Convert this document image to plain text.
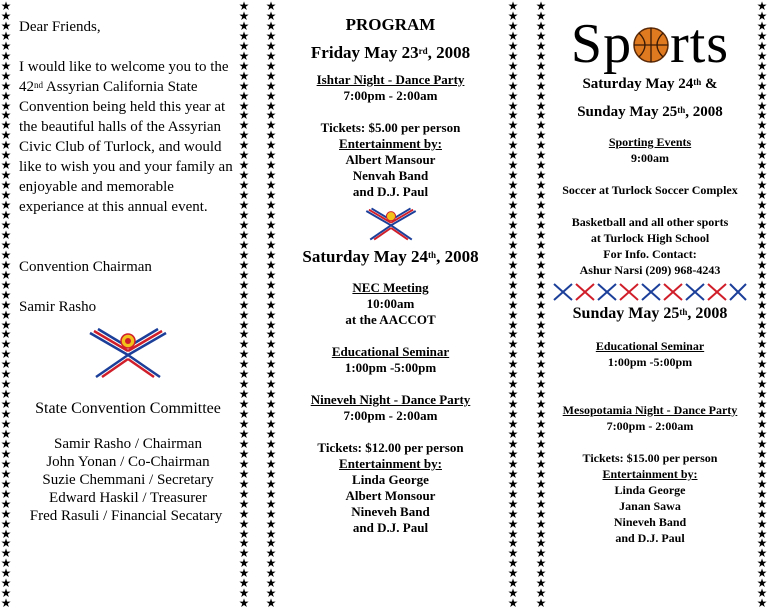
★
★
★
★
★
★
★
★
★
★
★
★
★
★
★
★
★
★
★
★
★
★
★
★
★
★
★
★
★
★
★
★
★
★
★
★
★
★
★
★
★
★
★
★
★
★
★
★
★
★
★
★
★
★
★
★
★
★
★
★
★
★
★
★
★
★
★
★
★
★
★
★
★
★
★
★
★
★
★
★
★
★
★
★
★
★
★
★
★
★
★
★
★
★
★
★
★
★
★
★
★
★
★
★
★
★
★
★
★
★
★
★
★
★
★
★
★
★
★
★
★
★
★
★
★
★
★
★
★
★
★
★
★
★
★
★
★
★
★
★
★
★
★
★
★
★
★
★
★
★
★
★
★
★
★
★
★
★
★
★
★
★
★
★
★
★
★
★
★
★
★
★
★
★
★
★
★
★
★
★
★
★
★
★
★
★
★
★
★
★
★
★
★
★
★
★
★
★
★
★
★
★
★
★
★
★
★
★
★
★
★
★
★
★
★
★
★
★
★
★
★
★
★
★
★
★
★
★
★
★
★
★
★
★
★
★
★
★
★
★
★
★
★
★
★
★
★
★
★
★
★
★
★
★
★
★
★
★
★
★
★
★
★
★
★
★
★
★
★
★
★
★
★
★
★
★
★
★
★
★
★
★
★
★
★
★
★
★
★
★
★
★
★
★
★
★
★
★
★
★
★
★
★
★
★
★
★
★
★
★
★
★
★
★
★
★
★
★
★
★
★
★
★
★
★
★
★
★
★
★
★
★
★
★
★
★
★
★
★
★
★
★
★
★
★
★
★
★
★
★
★
★
★
★
★
★
★
★
★
★
★
★
★
★
★
★
Dear Friends,
I would like to welcome you to the 42nd Assyrian California State Convention being held this year at the beautiful halls of the Assyrian Civic Club of Turlock, and would like to wish you and your family an enjoyable and memorable experiance at this annual event.
Convention Chairman
Samir Rasho
State Convention Committee
Samir Rasho / Chairman
John Yonan / Co-Chairman
Suzie Chemmani / Secretary
Edward Haskil / Treasurer
Fred Rasuli / Financial Secatary
PROGRAM
Friday May 23rd, 2008
Ishtar Night - Dance Party
7:00pm - 2:00am
Tickets: $5.00 per person
Entertainment by:
Albert Mansour
Nenvah Band
and D.J. Paul
Saturday May 24th, 2008
NEC Meeting
10:00am
at the AACCOT
Educational Seminar
1:00pm -5:00pm
Nineveh Night - Dance Party
7:00pm - 2:00am
Tickets: $12.00 per person
Entertainment by:
Linda George
Albert Monsour
Nineveh Band
and D.J. Paul
Sp rts
Saturday May 24th &
Sunday May 25th, 2008
Sporting Events
9:00am
Soccer at Turlock Soccer Complex
Basketball and all other sports
at Turlock High School
For Info. Contact:
Ashur Narsi (209) 968-4243
Sunday May 25th, 2008
Educational Seminar
1:00pm -5:00pm
Mesopotamia Night - Dance Party
7:00pm - 2:00am
Tickets: $15.00 per person
Entertainment by:
Linda George
Janan Sawa
Nineveh Band
and D.J. Paul
